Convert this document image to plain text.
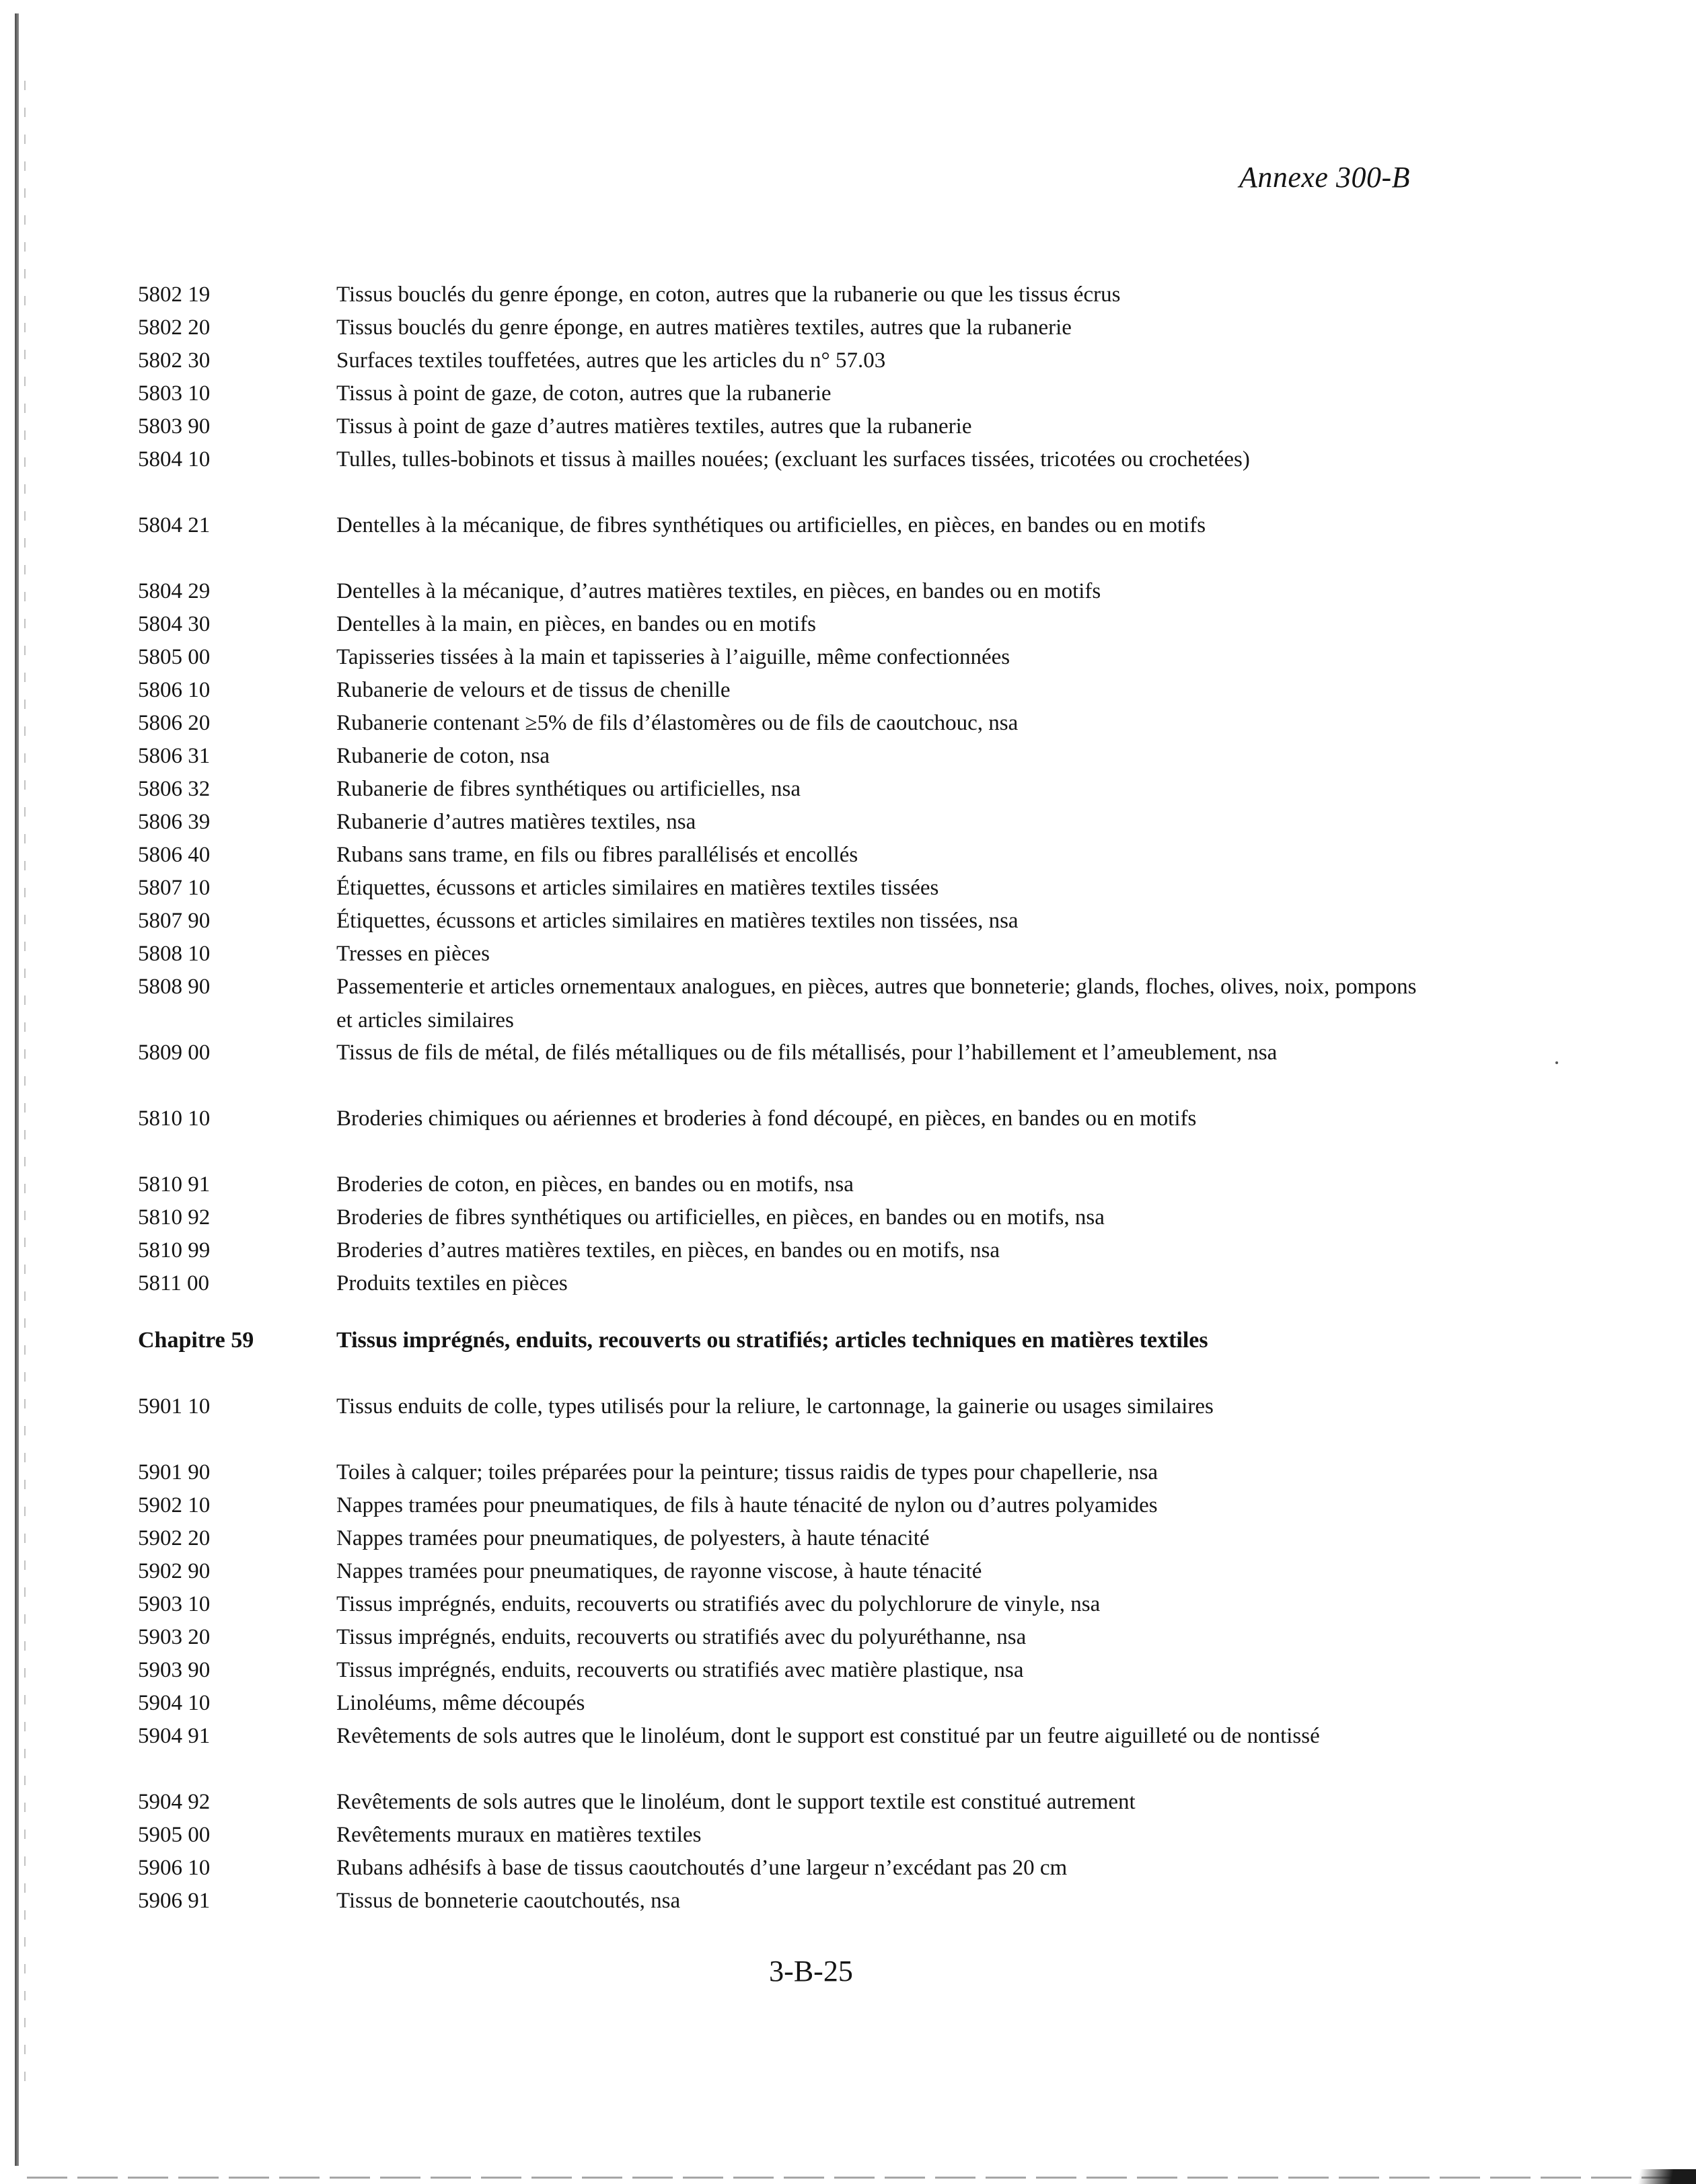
Annexe 300-B
5802 19	Tissus bouclés du genre éponge, en coton, autres que la rubanerie ou que les tissus écrus
5802 20	Tissus bouclés du genre éponge, en autres matières textiles, autres que la rubanerie
5802 30	Surfaces textiles touffetées, autres que les articles du n° 57.03
5803 10	Tissus à point de gaze, de coton, autres que la rubanerie
5803 90	Tissus à point de gaze d’autres matières textiles, autres que la rubanerie
5804 10	Tulles, tulles-bobinots et tissus à mailles nouées; (excluant les surfaces tissées, tricotées ou crochetées)
5804 21	Dentelles à la mécanique, de fibres synthétiques ou artificielles, en pièces, en bandes ou en motifs
5804 29	Dentelles à la mécanique, d’autres matières textiles, en pièces, en bandes ou en motifs
5804 30	Dentelles à la main, en pièces, en bandes ou en motifs
5805 00	Tapisseries tissées à la main et tapisseries à l’aiguille, même confectionnées
5806 10	Rubanerie de velours et de tissus de chenille
5806 20	Rubanerie contenant ≥5% de fils d’élastomères ou de fils de caoutchouc, nsa
5806 31	Rubanerie de coton, nsa
5806 32	Rubanerie de fibres synthétiques ou artificielles, nsa
5806 39	Rubanerie d’autres matières textiles, nsa
5806 40	Rubans sans trame, en fils ou fibres parallélisés et encollés
5807 10	Étiquettes, écussons et articles similaires en matières textiles tissées
5807 90	Étiquettes, écussons et articles similaires en matières textiles non tissées, nsa
5808 10	Tresses en pièces
5808 90	Passementerie et articles ornementaux analogues, en pièces, autres que bonneterie; glands, floches, olives, noix, pompons et articles similaires
5809 00	Tissus de fils de métal, de filés métalliques ou de fils métallisés, pour l’habillement et l’ameublement, nsa
5810 10	Broderies chimiques ou aériennes et broderies à fond découpé, en pièces, en bandes ou en motifs
5810 91	Broderies de coton, en pièces, en bandes ou en motifs, nsa
5810 92	Broderies de fibres synthétiques ou artificielles, en pièces, en bandes ou en motifs, nsa
5810 99	Broderies d’autres matières textiles, en pièces, en bandes ou en motifs, nsa
5811 00	Produits textiles en pièces
Chapitre 59	Tissus imprégnés, enduits, recouverts ou stratifiés; articles techniques en matières textiles
5901 10	Tissus enduits de colle, types utilisés pour la reliure, le cartonnage, la gainerie ou usages similaires
5901 90	Toiles à calquer; toiles préparées pour la peinture; tissus raidis de types pour chapellerie, nsa
5902 10	Nappes tramées pour pneumatiques, de fils à haute ténacité de nylon ou d’autres polyamides
5902 20	Nappes tramées pour pneumatiques, de polyesters, à haute ténacité
5902 90	Nappes tramées pour pneumatiques, de rayonne viscose, à haute ténacité
5903 10	Tissus imprégnés, enduits, recouverts ou stratifiés avec du polychlorure de vinyle, nsa
5903 20	Tissus imprégnés, enduits, recouverts ou stratifiés avec du polyuréthanne, nsa
5903 90	Tissus imprégnés, enduits, recouverts ou stratifiés avec matière plastique, nsa
5904 10	Linoléums, même découpés
5904 91	Revêtements de sols autres que le linoléum, dont le support est constitué par un feutre aiguilleté ou de nontissé
5904 92	Revêtements de sols autres que le linoléum, dont le support textile est constitué autrement
5905 00	Revêtements muraux en matières textiles
5906 10	Rubans adhésifs à base de tissus caoutchoutés d’une largeur n’excédant pas 20 cm
5906 91	Tissus de bonneterie caoutchoutés, nsa
3-B-25
